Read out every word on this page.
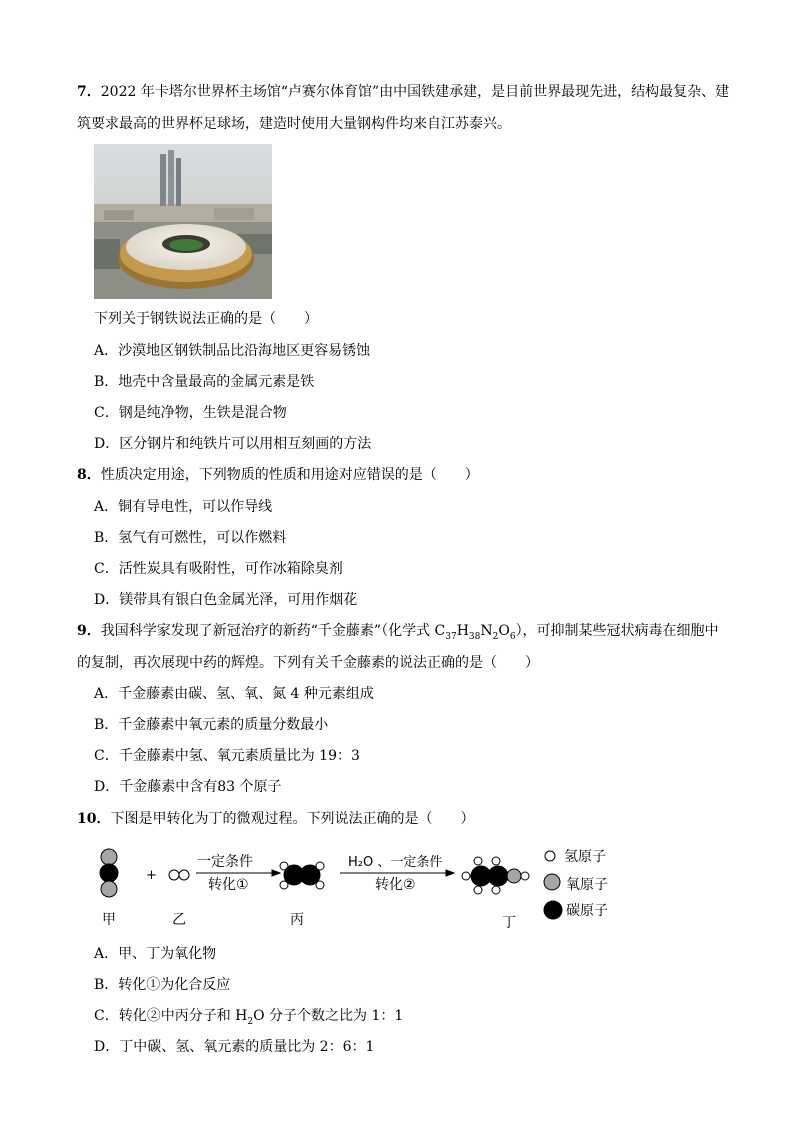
7．2022 年卡塔尔世界杯主场馆“卢赛尔体育馆”由中国铁建承建，是目前世界最现先进，结构最复杂、建
筑要求最高的世界杯足球场，建造时使用大量钢构件均来自江苏泰兴。
下列关于钢铁说法正确的是（　　）
A．沙漠地区钢铁制品比沿海地区更容易锈蚀
B．地壳中含量最高的金属元素是铁
C．钢是纯净物，生铁是混合物
D．区分钢片和纯铁片可以用相互刻画的方法
8．性质决定用途，下列物质的性质和用途对应错误的是（　　）
A．铜有导电性，可以作导线
B．氢气有可燃性，可以作燃料
C．活性炭具有吸附性，可作冰箱除臭剂
D．镁带具有银白色金属光泽，可用作烟花
9．我国科学家发现了新冠治疗的新药“千金藤素”（化学式 $C_{37}H_{38}N_2O_6$），可抑制某些冠状病毒在细胞中
的复制，再次展现中药的辉煌。下列有关千金藤素的说法正确的是（　　）
A．千金藤素由碳、氢、氧、氮 4 种元素组成
B．千金藤素中氧元素的质量分数最小
C．千金藤素中氢、氧元素质量比为 19：3
D．千金藤素中含有83 个原子
10．下图是甲转化为丁的微观过程。下列说法正确的是（　　）
+
一定条件
转化①
H₂O 、一定条件
转化②
甲	乙	丙	丁
氢原子
氧原子
碳原子
A．甲、丁为氧化物
B．转化①为化合反应
C．转化②中丙分子和 $H_2O$ 分子个数之比为 1：1
D．丁中碳、氢、氧元素的质量比为 2：6：1
